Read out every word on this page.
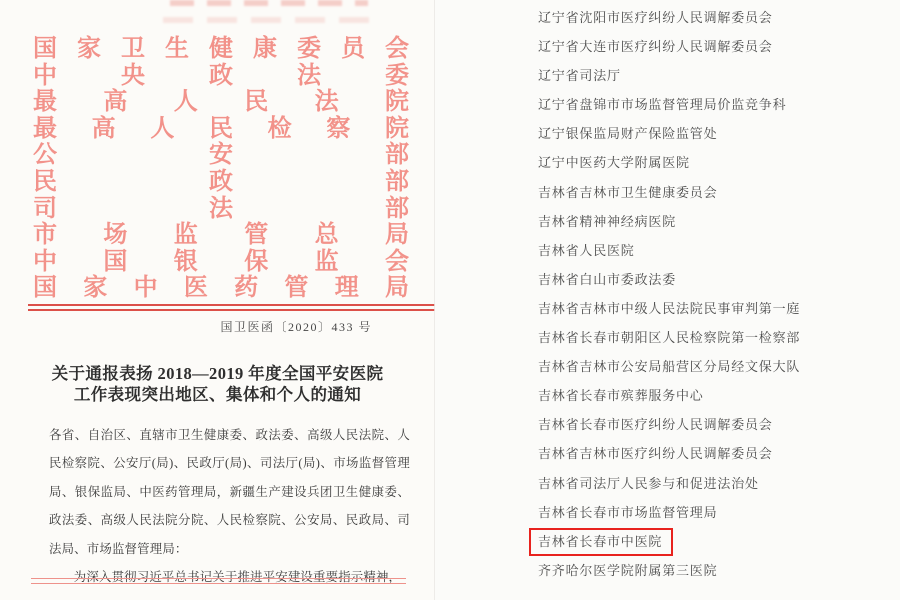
国家卫生健康委员会
中央政法委
最高人民法院
最高人民检察院
公安部
民政部
司法部
市场监管总局
中国银保监会
国家中医药管理局
国卫医函〔2020〕433 号
关于通报表扬 2018—2019 年度全国平安医院
工作表现突出地区、集体和个人的通知
各省、自治区、直辖市卫生健康委、政法委、高级人民法院、人民检察院、公安厅(局)、民政厅(局)、司法厅(局)、市场监督管理局、银保监局、中医药管理局，新疆生产建设兵团卫生健康委、政法委、高级人民法院分院、人民检察院、公安局、民政局、司法局、市场监督管理局：
为深入贯彻习近平总书记关于推进平安建设重要指示精神，
辽宁省沈阳市医疗纠纷人民调解委员会
辽宁省大连市医疗纠纷人民调解委员会
辽宁省司法厅
辽宁省盘锦市市场监督管理局价监竞争科
辽宁银保监局财产保险监管处
辽宁中医药大学附属医院
吉林省吉林市卫生健康委员会
吉林省精神神经病医院
吉林省人民医院
吉林省白山市委政法委
吉林省吉林市中级人民法院民事审判第一庭
吉林省长春市朝阳区人民检察院第一检察部
吉林省吉林市公安局船营区分局经文保大队
吉林省长春市殡葬服务中心
吉林省长春市医疗纠纷人民调解委员会
吉林省吉林市医疗纠纷人民调解委员会
吉林省司法厅人民参与和促进法治处
吉林省长春市市场监督管理局
吉林省长春市中医院
齐齐哈尔医学院附属第三医院
